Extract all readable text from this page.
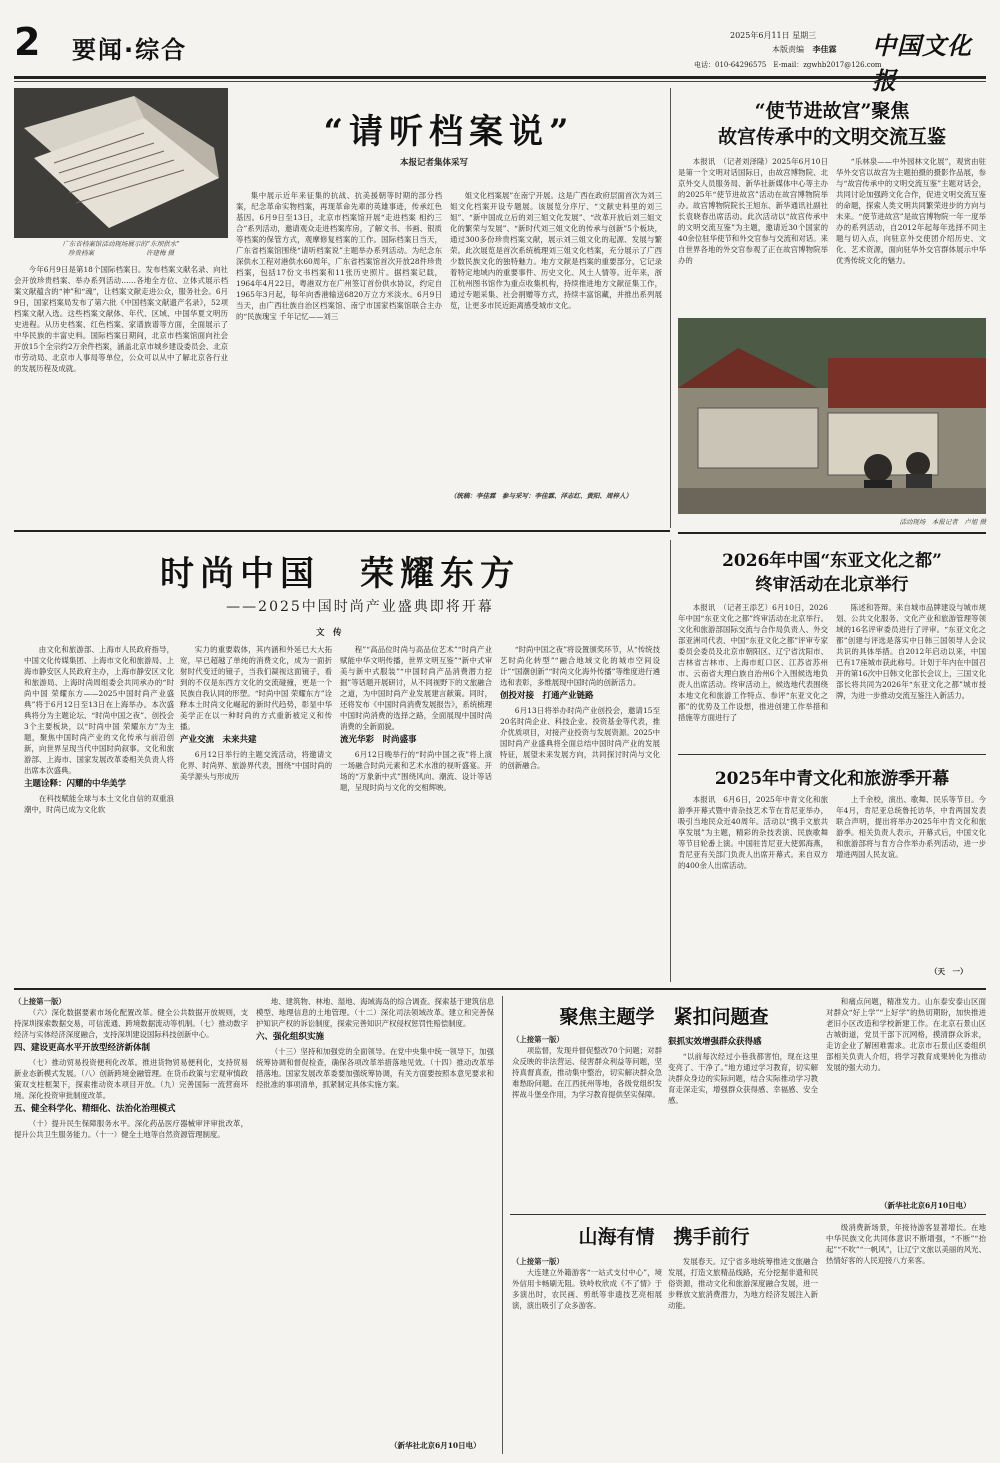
2 要闻·综合
2025年6月11日 星期三
本版责编 李佳霖
电话：010-64296575　E-mail：zgwhb2017@126.com
中国文化
广东省档案馆活动现场展示的“东坝供水”
珍贵档案　　　　　　　　许建梅 摄
“请听档案说”
本报记者集体采写

今年6月9日是第18个国际档案日。发布档案文献名录、向社会开放珍贵档案、举办系列活动……各地全方位、立体式展示档案文献蕴含的“神”和“魂”，让档案文献走进公众，服务社会。6月9日，国家档案局发布了第六批《中国档案文献遗产名录》，52项档案文献入选。这些档案文献体、年代、区域、中国华夏文明历史进程。从历史档案、红色档案、家谱族谱等方面，全面展示了中华民族的丰富史料。国际档案日期间，北京市档案馆面向社会开放15个全宗约2万余件档案，涵盖北京市城乡建设委员会、北京市劳动局、北京市人事局等单位，公众可以从中了解北京各行业的发展历程及成就。

集中展示近年来征集的抗战、抗美援朝等时期的部分档案，纪念革命实物档案，再现革命先辈的英雄事迹，传承红色基因。6月9日至13日，北京市档案馆开展“走进档案 相约三合”系列活动，邀请观众走进档案库房，了解文书、书画、银质等档案的保管方式，观摩修复档案的工作。国际档案日当天，广东省档案馆围绕“请听档案说”主题举办系列活动。为纪念东深供水工程对港供水60周年，广东省档案馆首次开放28件珍贵档案，包括17份文书档案和11张历史照片。据档案记载，1964年4月22日，粤港双方在广州签订首份供水协议，约定自1965年3月起，每年向香港输送6820万立方米淡水。6月9日当天，由广西壮族自治区档案馆、南宁市国家档案馆联合主办的“民族瑰宝 千年记忆——刘三

姐文化档案展”在南宁开展。这是广西在政府层面首次为刘三姐文化档案开设专题展。该展览分序厅、“文献史料里的刘三姐”、“新中国成立后的刘三姐文化发展”、“改革开放后刘三姐文化的繁荣与发展”、“新时代刘三姐文化的传承与创新”5个板块，通过300多份珍贵档案文献，展示刘三姐文化的起源、发展与繁荣。此次展览是首次系统梳理刘三姐文化档案，充分展示了广西少数民族文化的独特魅力。地方文献是档案的重要部分，它记录着特定地域内的重要事件、历史文化、风土人情等。近年来，浙江杭州图书馆作为重点收集机构，持续推进地方文献征集工作，通过专题采集、社会捐赠等方式，持续丰富馆藏，并推出系列展览，让更多市民近距离感受城市文化。

（统稿：李佳霖　参与采写：李佳霖、洋志红、黄阳、周梓人）
“使节进故宫”聚焦
故宫传承中的文明交流互鉴

本报讯　（记者刘泽隆）2025年6月10日是第一个文明对话国际日，由故宫博物院、北京外交人员服务局、新华社新媒体中心等主办的2025年“使节进故宫”活动在故宫博物院举办。故宫博物院院长王旭东、新华通讯社副社长袁晓春出席活动。此次活动以“故宫传承中的文明交流互鉴”为主题，邀请近30个国家的40余位驻华使节和外交官参与交流和对话。来自世界各地的外交官参观了正在故宫博物院举办的

“乐林泉——中外园林文化展”，观赏由驻华外交官以故宫为主题拍摄的摄影作品展，参与“故宫传承中的文明交流互鉴”主题对话会，共同讨论加强跨文化合作，促进文明交流互鉴的命题，探索人类文明共同繁荣进步的方向与未来。“使节进故宫”是故宫博物院一年一度举办的系列活动，自2012年起每年选择不同主题与切入点，向驻京外交使团介绍历史、文化、艺术资源，面向驻华外交官群体展示中华优秀传统文化的魅力。

活动现场　本报记者　卢旭 摄
时尚中国　荣耀东方
——2025中国时尚产业盛典即将开幕
文　传

由文化和旅游部、上海市人民政府指导，中国文化传媒集团、上海市文化和旅游局、上海市静安区人民政府主办，上海市静安区文化和旅游局、上海时尚周组委会共同承办的“时尚中国 荣耀东方——2025中国时尚产业盛典”将于6月12日至13日在上海举办。本次盛典将分为主题论坛、“时尚中国之夜”、创投会3个主要板块，以“时尚中国 荣耀东方”为主题，聚焦中国时尚产业的文化传承与前沿创新，向世界呈现当代中国时尚叙事。文化和旅游部、上海市、国家发展改革委相关负责人将出席本次盛典。

主题诠释：闪耀的中华美学

在科技赋能全球与本土文化自信的双重浪潮中，时尚已成为文化软

实力的重要载体，其内涵和外延已大大拓宽，早已超越了单纯的消费文化，成为一面折射时代变迁的镜子，当我们凝视这面镜子，看到的不仅是东西方文化的交流碰撞，更是一个民族自我认同的形塑。“时尚中国 荣耀东方”诠释本土时尚文化崛起的新时代趋势，彰显中华美学正在以一种时尚的方式重新被定义和传播。

产业交流　未来共建

6月12日举行的主题交流活动，将邀请文化界、时尚界、旅游界代表，围绕“中国时尚的美学源头与形成历

程”“高品位时尚与高品位艺术”“时尚产业赋能中华文明传播，世界文明互鉴”“新中式审美与新中式服装”“中国时尚产品消费潜力挖掘”等话题开展研讨，从不同视野下的文旅融合之道，为中国时尚产业发展建言献策。同时，还将发布《中国时尚消费发展报告》，系统梳理中国时尚消费的选择之路，全面展现中国时尚消费的全新面貌。

流光华彩　时尚盛事

6月12日晚举行的“时尚中国之夜”将上演一场融合时尚元素和艺术水准的视听盛宴。开场的“万象新中式”围绕风向、潮流、设计等话题，呈现时尚与文化的交相辉映。

“时尚中国之夜”将设置颁奖环节，从“传统技艺时尚化转型”“融合地域文化的城市空间设计”“国潮创新”“时尚文化海外传播”等维度进行遴选和表彰，多维展现中国时尚的创新活力。

创投对接　打通产业链路

6月13日将举办时尚产业创投会，邀请15至20名时尚企业、科技企业、投资基金等代表，推介优质项目，对接产业投资与发展资源。2025中国时尚产业盛典将全面总结中国时尚产业的发展特征，展望未来发展方向，共同探讨时尚与文化的创新融合。

2026年中国“东亚文化之都”
终审活动在北京举行

本报讯　（记者王添艺）6月10日，2026年中国“东亚文化之都”终审活动在北京举行。文化和旅游部国际交流与合作局负责人、外交部亚洲司代表、中国“东亚文化之都”评审专家委员会委员及北京市朝阳区、辽宁省沈阳市、吉林省吉林市、上海市虹口区、江苏省苏州市、云南省大理白族自治州6个入围候选地负责人出席活动。终审活动上，候选地代表围绕本地文化和旅游工作特点、参评“东亚文化之都”的优势及工作设想，推进创建工作举措和措施等方面进行了

陈述和答辩。来自城市品牌建设与城市规划、公共文化服务、文化产业和旅游管理等领域的16名评审委员进行了评审。“东亚文化之都”创建与评选是落实中日韩三国领导人会议共识的具体举措。自2012年启动以来，中国已有17座城市获此称号。计划于年内在中国召开的第16次中日韩文化部长会议上，三国文化部长将共同为2026年“东亚文化之都”城市授牌，为进一步推动交流互鉴注入新活力。

2025年中青文化和旅游季开幕

本报讯　6月6日，2025年中青文化和旅游季开幕式暨中青杂技艺术节在肯尼亚举办，吸引当地民众近40周年。活动以“携手文旅共享发展”为主题，精彩的杂技表演、民族歌舞等节目轮番上演。中国驻肯尼亚大使郭海燕，肯尼亚有关部门负责人出席开幕式。来自双方的400余人出席活动。

上千余校，演出、歌舞、民乐等节目。今年4月，肯尼亚总统鲁托访华，中肯两国发表联合声明，提出将举办2025年中肯文化和旅游季。相关负责人表示，开幕式后，中国文化和旅游部将与肯方合作举办系列活动，进一步增进两国人民友谊。

（天　一）
（上接第一版）

（六）深化数据要素市场化配置改革。健全公共数据开放规则，支持深圳探索数据交易，可信流通、跨境数据流动等机制。（七）推动数字经济与实体经济深度融合，支持深圳建设国际科技创新中心。

四、建设更高水平开放型经济新体制

（七）推动贸易投资便利化改革。推进货物贸易便利化，支持贸易新业态新模式发展。（八）创新跨境金融管理。在货币政策与宏观审慎政策双支柱框架下，探索推动资本项目开放。（九）完善国际一流营商环境。深化投资审批制度改革。

五、健全科学化、精细化、法治化治理模式

（十）提升民生保障服务水平。深化药品医疗器械审评审批改革，提升公共卫生服务能力。（十一）健全土地等自然资源管理制度。

地、建筑物、林地、湿地、海域海岛的综合调查。探索基于建筑信息模型、地理信息的土地管理。（十二）深化司法领域改革。建立和完善保护知识产权的诉讼制度，探索完善知识产权侵权惩罚性赔偿制度。

六、强化组织实施

（十三）坚持和加强党的全面领导。在党中央集中统一领导下，加强统筹协调和督促检查，确保各项改革举措落地见效。（十四）推动改革举措落地。国家发展改革委要加强统筹协调，有关方面要按照本意见要求和经批准的事项清单，抓紧制定具体实施方案。

（新华社北京6月10日电）
聚焦主题学　紧扣问题查
（上接第一版）

项监督，发现并督促整改70个问题；对群众反映的非法营运、侵害群众利益等问题，坚持真督真查，推动集中整治，切实解决群众急难愁盼问题。在江西抚州等地，各级党组织发挥战斗堡垒作用，为学习教育提供坚实保障。

狠抓实效增强群众获得感

“以前每次经过小巷我都害怕，现在这里变亮了、干净了。”地方通过学习教育，切实解决群众身边的实际问题，结合实际推动学习教育走深走实，增强群众获得感、幸福感、安全感。

和痛点问题，精准发力。山东泰安泰山区面对群众“好上学”“上好学”的热切期盼，加快推进老旧小区改造和学校新建工作。在北京石景山区古城街道，党员干部下沉网格，摸清群众诉求，走访企业了解困难需求。北京市石景山区委组织部相关负责人介绍，将学习教育成果转化为推动发展的强大动力。

（新华社北京6月10日电）
山海有情　携手前行
（上接第一版）

大连建立外籍游客“一站式支付中心”，境外信用卡畅刷无阻。铁岭枚欣成《不了情》于多演出时，农民画、剪纸等非遗技艺亮相展演，演出吸引了众多游客。

发展春天。辽宁省多地统筹推进文旅融合发展，打造文旅精品线路，充分挖掘非遗和民俗资源，推动文化和旅游深度融合发展，进一步释放文旅消费潜力，为地方经济发展注入新动能。

级消费新场景，年接待游客显著增长。在地中华民族文化共同体意识不断增强，“不断”“抬起”“不吹”“一帆风”，让辽宁文旅以美丽的风光、热情好客的人民迎接八方来客。
